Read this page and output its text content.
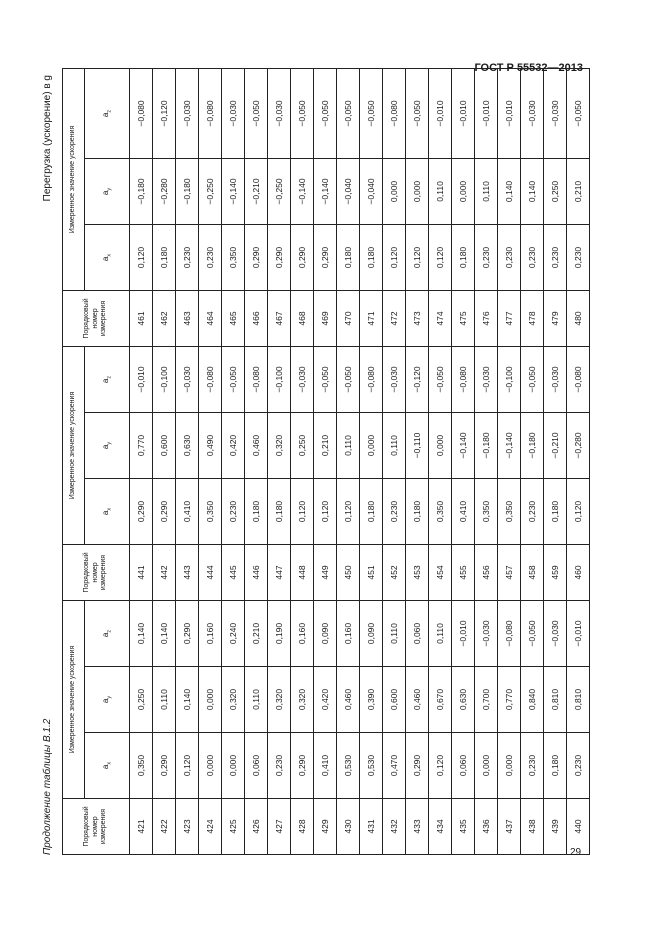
ГОСТ Р 55532—2013
Продолжение таблицы В.1.2
Перегрузка (ускорение) в g
Порядковый номер измерения	Измеренное значение ускорения			Порядковый номер измерения	Измеренное значение ускорения			Порядковый номер измерения	Измеренное значение ускорения		
	$a_x$	$a_y$	$a_z$		$a_x$	$a_y$	$a_z$		$a_x$	$a_y$	$a_z$
421	0,350	0,250	0,140	441	0,290	0,770	−0,010	461	0,120	−0,180	−0,080
422	0,290	0,110	0,140	442	0,290	0,600	−0,100	462	0,180	−0,280	−0,120
423	0,120	0,140	0,290	443	0,410	0,630	−0,030	463	0,230	−0,180	−0,030
424	0,000	0,000	0,160	444	0,350	0,490	−0,080	464	0,230	−0,250	−0,080
425	0,000	0,320	0,240	445	0,230	0,420	−0,050	465	0,350	−0,140	−0,030
426	0,060	0,110	0,210	446	0,180	0,460	−0,080	466	0,290	−0,210	−0,050
427	0,230	0,320	0,190	447	0,180	0,320	−0,100	467	0,290	−0,250	−0,030
428	0,290	0,320	0,160	448	0,120	0,250	−0,030	468	0,290	−0,140	−0,050
429	0,410	0,420	0,090	449	0,120	0,210	−0,050	469	0,290	−0,140	−0,050
430	0,530	0,460	0,160	450	0,120	0,110	−0,050	470	0,180	−0,040	−0,050
431	0,530	0,390	0,090	451	0,180	0,000	−0,080	471	0,180	−0,040	−0,050
432	0,470	0,600	0,110	452	0,230	0,110	−0,030	472	0,120	0,000	−0,080
433	0,290	0,460	0,060	453	0,180	−0,110	−0,120	473	0,120	0,000	−0,050
434	0,120	0,670	0,110	454	0,350	0,000	−0,050	474	0,120	0,110	−0,010
435	0,060	0,630	−0,010	455	0,410	−0,140	−0,080	475	0,180	0,000	−0,010
436	0,000	0,700	−0,030	456	0,350	−0,180	−0,030	476	0,230	0,110	−0,010
437	0,000	0,770	−0,080	457	0,350	−0,140	−0,100	477	0,230	0,140	−0,010
438	0,230	0,840	−0,050	458	0,230	−0,180	−0,050	478	0,230	0,140	−0,030
439	0,180	0,810	−0,030	459	0,180	−0,210	−0,030	479	0,230	0,250	−0,030
440	0,230	0,810	−0,010	460	0,120	−0,280	−0,080	480	0,230	0,210	−0,050
29
